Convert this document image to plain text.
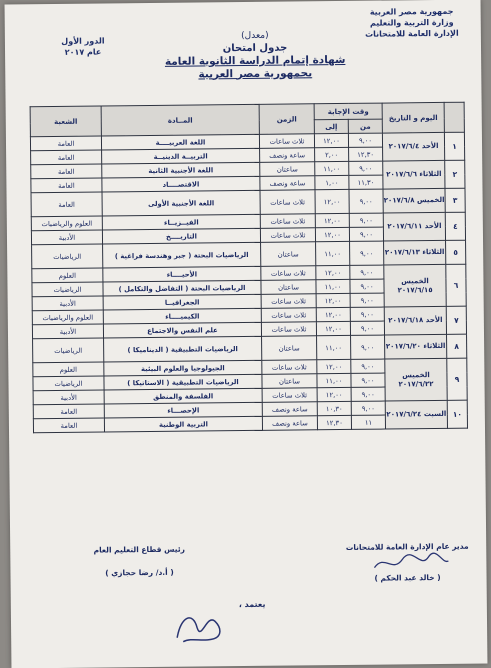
جمهورية مصر العربية
وزارة التربية والتعليم
الإدارة العامة للامتحانات
الدور الأول
عام ٢٠١٧
(معدل)
جدول امتحان
شهادة إتمام الدراسة الثانوية العامة
بجمهورية مصر العربية
	اليوم و التاريخ	وقت الإجابة		الزمن	المــادة	الشعبة
		من	إلى			
١	الأحد ٢٠١٧/٦/٤	٩,٠٠	١٢,٠٠	ثلاث ساعات	اللغة العربيــــة	العامة
		١٢,٣٠	٢,٠٠	ساعة ونصف	التربيــة الدينيــة	العامة
٢	الثلاثاء ٢٠١٧/٦/٦	٩,٠٠	١١,٠٠	ساعتان	اللغة الأجنبية الثانية	العامة
		١١,٣٠	١,٠٠	ساعة ونصف	الاقتصــــاد	العامة
٣	الخميس ٢٠١٧/٦/٨	٩,٠٠	١٢,٠٠	ثلاث ساعات	اللغة الأجنبية الأولى	العامة
٤	الأحد ٢٠١٧/٦/١١	٩,٠٠	١٢,٠٠	ثلاث ساعات	الفيــزيــاء	العلوم والرياضيات
		٩,٠٠	١٢,٠٠	ثلاث ساعات	التاريــــخ	الأدبية
٥	الثلاثاء ٢٠١٧/٦/١٣	٩,٠٠	١١,٠٠	ساعتان	الرياضيات البحتة ( جبر وهندسة فراغية )	الرياضيات
٦	الخميس ٢٠١٧/٦/١٥	٩,٠٠	١٢,٠٠	ثلاث ساعات	الأحيــــاء	العلوم
		٩,٠٠	١١,٠٠	ساعتان	الرياضيات البحتة ( التفاضل والتكامل )	الرياضيات
		٩,٠٠	١٢,٠٠	ثلاث ساعات	الجغرافيــا	الأدبية
٧	الأحد ٢٠١٧/٦/١٨	٩,٠٠	١٢,٠٠	ثلاث ساعات	الكيميــــاء	العلوم والرياضيات
		٩,٠٠	١٢,٠٠	ثلاث ساعات	علم النفس والاجتماع	الأدبية
٨	الثلاثاء ٢٠١٧/٦/٢٠	٩,٠٠	١١,٠٠	ساعتان	الرياضيات التطبيقية ( الديناميكا )	الرياضيات
٩	الخميس ٢٠١٧/٦/٢٢	٩,٠٠	١٢,٠٠	ثلاث ساعات	الجيولوجيا والعلوم البيئية	العلوم
		٩,٠٠	١١,٠٠	ساعتان	الرياضيات التطبيقية ( الاستاتيكا )	الرياضيات
		٩,٠٠	١٢,٠٠	ثلاث ساعات	الفلسفة والمنطق	الأدبية
١٠	السبت ٢٠١٧/٦/٢٤	٩,٠٠	١٠,٣٠	ساعة ونصف	الإحصـــاء	العامة
		١١	١٢,٣٠	ساعة ونصف	التربية الوطنية	العامة
مدير عام الإدارة العامة للامتحانات
( خالد عبد الحكم )
رئيس قطاع التعليم العام
( أ.د/ رضا حجازي )
يعتمد ،
